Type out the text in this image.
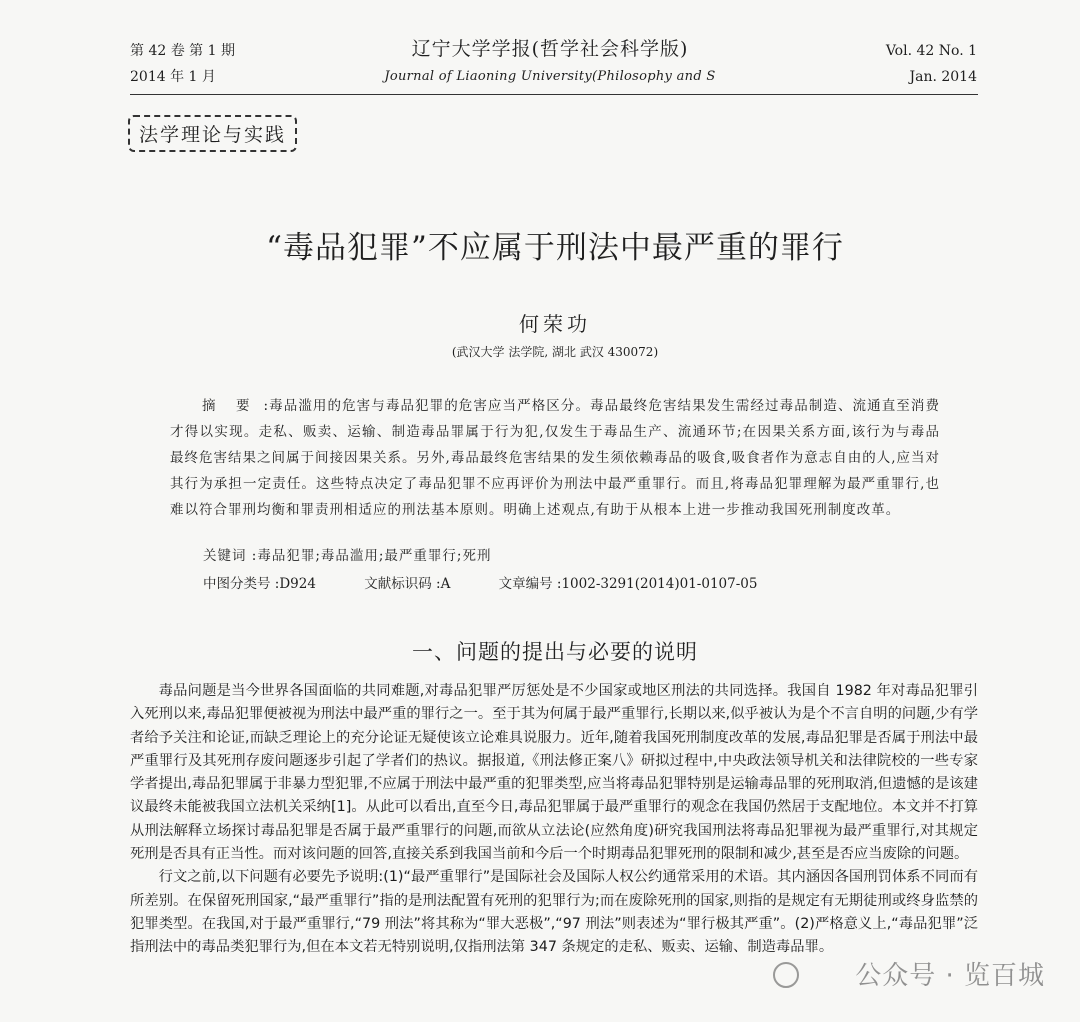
第 42 卷 第 1 期
2014 年 1 月
辽宁大学学报(哲学社会科学版)
Journal of Liaoning University(Philosophy and S
Vol. 42 No. 1
Jan. 2014
法学理论与实践
“毒品犯罪”不应属于刑法中最严重的罪行
何荣功
(武汉大学 法学院, 湖北 武汉 430072)
摘 要 :毒品滥用的危害与毒品犯罪的危害应当严格区分。毒品最终危害结果发生需经过毒品制造、流通直至消费才得以实现。走私、贩卖、运输、制造毒品罪属于行为犯,仅发生于毒品生产、流通环节;在因果关系方面,该行为与毒品最终危害结果之间属于间接因果关系。另外,毒品最终危害结果的发生须依赖毒品的吸食,吸食者作为意志自由的人,应当对其行为承担一定责任。这些特点决定了毒品犯罪不应再评价为刑法中最严重罪行。而且,将毒品犯罪理解为最严重罪行,也难以符合罪刑均衡和罪责刑相适应的刑法基本原则。明确上述观点,有助于从根本上进一步推动我国死刑制度改革。
关键词 :毒品犯罪;毒品滥用;最严重罪行;死刑
中图分类号 :D924	文献标识码 :A	文章编号 :1002-3291(2014)01-0107-05
一、问题的提出与必要的说明

毒品问题是当今世界各国面临的共同难题,对毒品犯罪严厉惩处是不少国家或地区刑法的共同选择。我国自 1982 年对毒品犯罪引入死刑以来,毒品犯罪便被视为刑法中最严重的罪行之一。至于其为何属于最严重罪行,长期以来,似乎被认为是个不言自明的问题,少有学者给予关注和论证,而缺乏理论上的充分论证无疑使该立论难具说服力。近年,随着我国死刑制度改革的发展,毒品犯罪是否属于刑法中最严重罪行及其死刑存废问题逐步引起了学者们的热议。据报道,《刑法修正案八》研拟过程中,中央政法领导机关和法律院校的一些专家学者提出,毒品犯罪属于非暴力型犯罪,不应属于刑法中最严重的犯罪类型,应当将毒品犯罪特别是运输毒品罪的死刑取消,但遗憾的是该建议最终未能被我国立法机关采纳[1]。从此可以看出,直至今日,毒品犯罪属于最严重罪行的观念在我国仍然居于支配地位。本文并不打算从刑法解释立场探讨毒品犯罪是否属于最严重罪行的问题,而欲从立法论(应然角度)研究我国刑法将毒品犯罪视为最严重罪行,对其规定死刑是否具有正当性。而对该问题的回答,直接关系到我国当前和今后一个时期毒品犯罪死刑的限制和减少,甚至是否应当废除的问题。

行文之前,以下问题有必要先予说明:(1)“最严重罪行”是国际社会及国际人权公约通常采用的术语。其内涵因各国刑罚体系不同而有所差别。在保留死刑国家,“最严重罪行”指的是刑法配置有死刑的犯罪行为;而在废除死刑的国家,则指的是规定有无期徒刑或终身监禁的犯罪类型。在我国,对于最严重罪行,“79 刑法”将其称为“罪大恶极”,“97 刑法”则表述为“罪行极其严重”。(2)严格意义上,“毒品犯罪”泛指刑法中的毒品类犯罪行为,但在本文若无特别说明,仅指刑法第 347 条规定的走私、贩卖、运输、制造毒品罪。

公众号 · 览百城
